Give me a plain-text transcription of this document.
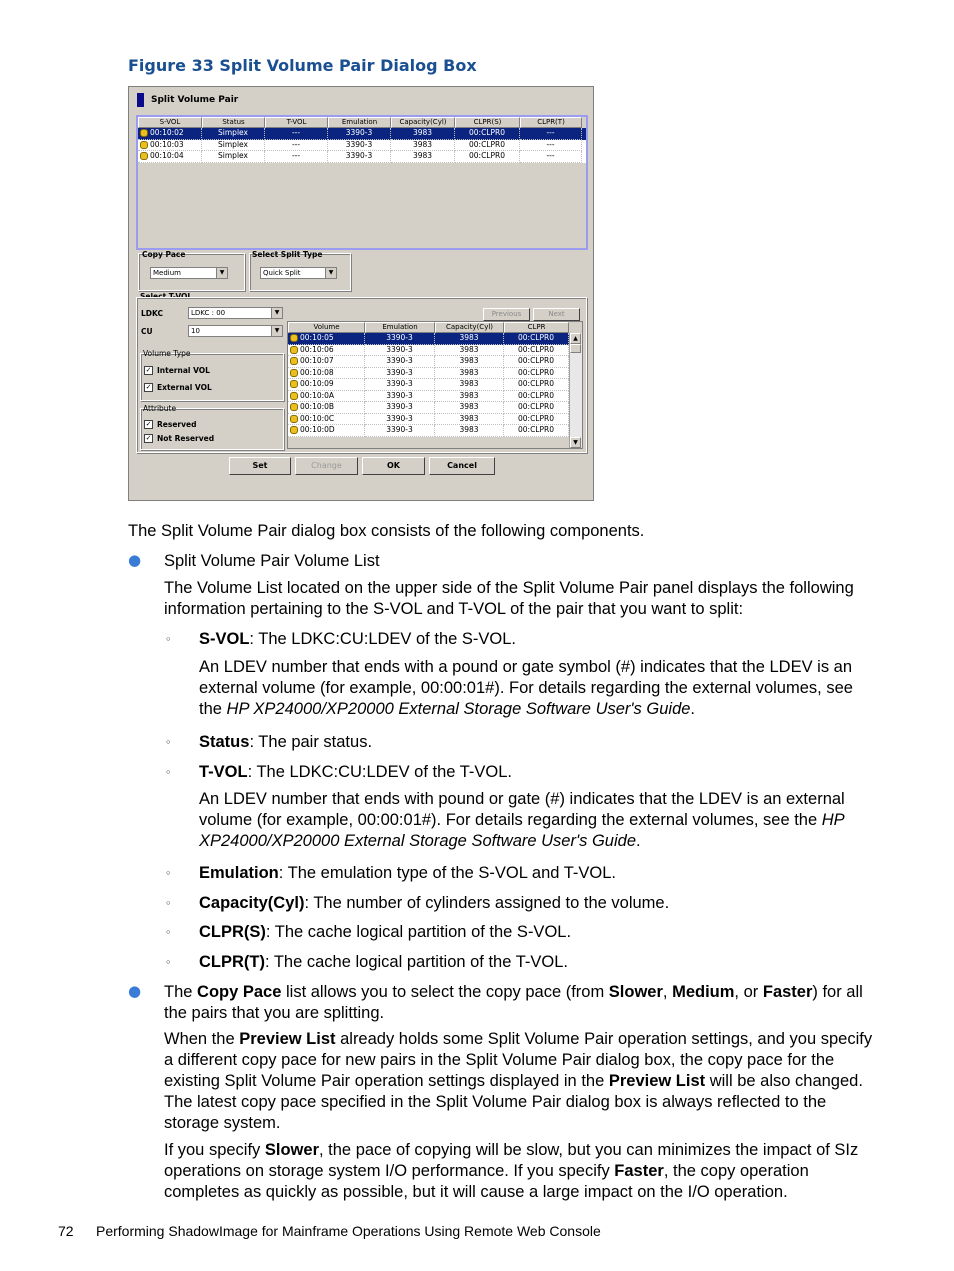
Figure 33 Split Volume Pair Dialog Box
Split Volume Pair
S-VOL	Status	T-VOL	Emulation	Capacity(Cyl)	CLPR(S)	CLPR(T)
00:10:02	Simplex	---	3390-3	3983	00:CLPR0	---
00:10:03	Simplex	---	3390-3	3983	00:CLPR0	---
00:10:04	Simplex	---	3390-3	3983	00:CLPR0	---
Copy Pace
Medium	▼
Select Split Type
Quick Split	▼
Select T-VOL
LDKC	LDKC : 00	▼
CU	10	▼
Volume Type
✓ Internal VOL
✓ External VOL
Attribute
✓ Reserved
✓ Not Reserved
Previous	Next
Volume	Emulation	Capacity(Cyl)	CLPR
00:10:05	3390-3	3983	00:CLPR0
00:10:06	3390-3	3983	00:CLPR0
00:10:07	3390-3	3983	00:CLPR0
00:10:08	3390-3	3983	00:CLPR0
00:10:09	3390-3	3983	00:CLPR0
00:10:0A	3390-3	3983	00:CLPR0
00:10:0B	3390-3	3983	00:CLPR0
00:10:0C	3390-3	3983	00:CLPR0
00:10:0D	3390-3	3983	00:CLPR0
▲
▼
Set	Change	OK	Cancel
The Split Volume Pair dialog box consists of the following components.
● Split Volume Pair Volume List
The Volume List located on the upper side of the Split Volume Pair panel displays the following information pertaining to the S-VOL and T-VOL of the pair that you want to split:
◦ S-VOL: The LDKC:CU:LDEV of the S-VOL.
An LDEV number that ends with a pound or gate symbol (#) indicates that the LDEV is an external volume (for example, 00:00:01#). For details regarding the external volumes, see the HP XP24000/XP20000 External Storage Software User's Guide.
◦ Status: The pair status.
◦ T-VOL: The LDKC:CU:LDEV of the T-VOL.
An LDEV number that ends with pound or gate (#) indicates that the LDEV is an external volume (for example, 00:00:01#). For details regarding the external volumes, see the HP XP24000/XP20000 External Storage Software User's Guide.
◦ Emulation: The emulation type of the S-VOL and T-VOL.
◦ Capacity(Cyl): The number of cylinders assigned to the volume.
◦ CLPR(S): The cache logical partition of the S-VOL.
◦ CLPR(T): The cache logical partition of the T-VOL.
● The Copy Pace list allows you to select the copy pace (from Slower, Medium, or Faster) for all the pairs that you are splitting.
When the Preview List already holds some Split Volume Pair operation settings, and you specify a different copy pace for new pairs in the Split Volume Pair dialog box, the copy pace for the existing Split Volume Pair operation settings displayed in the Preview List will be also changed. The latest copy pace specified in the Split Volume Pair dialog box is always reflected to the storage system.
If you specify Slower, the pace of copying will be slow, but you can minimizes the impact of SIz operations on storage system I/O performance. If you specify Faster, the copy operation completes as quickly as possible, but it will cause a large impact on the I/O operation.
72 Performing ShadowImage for Mainframe Operations Using Remote Web Console
